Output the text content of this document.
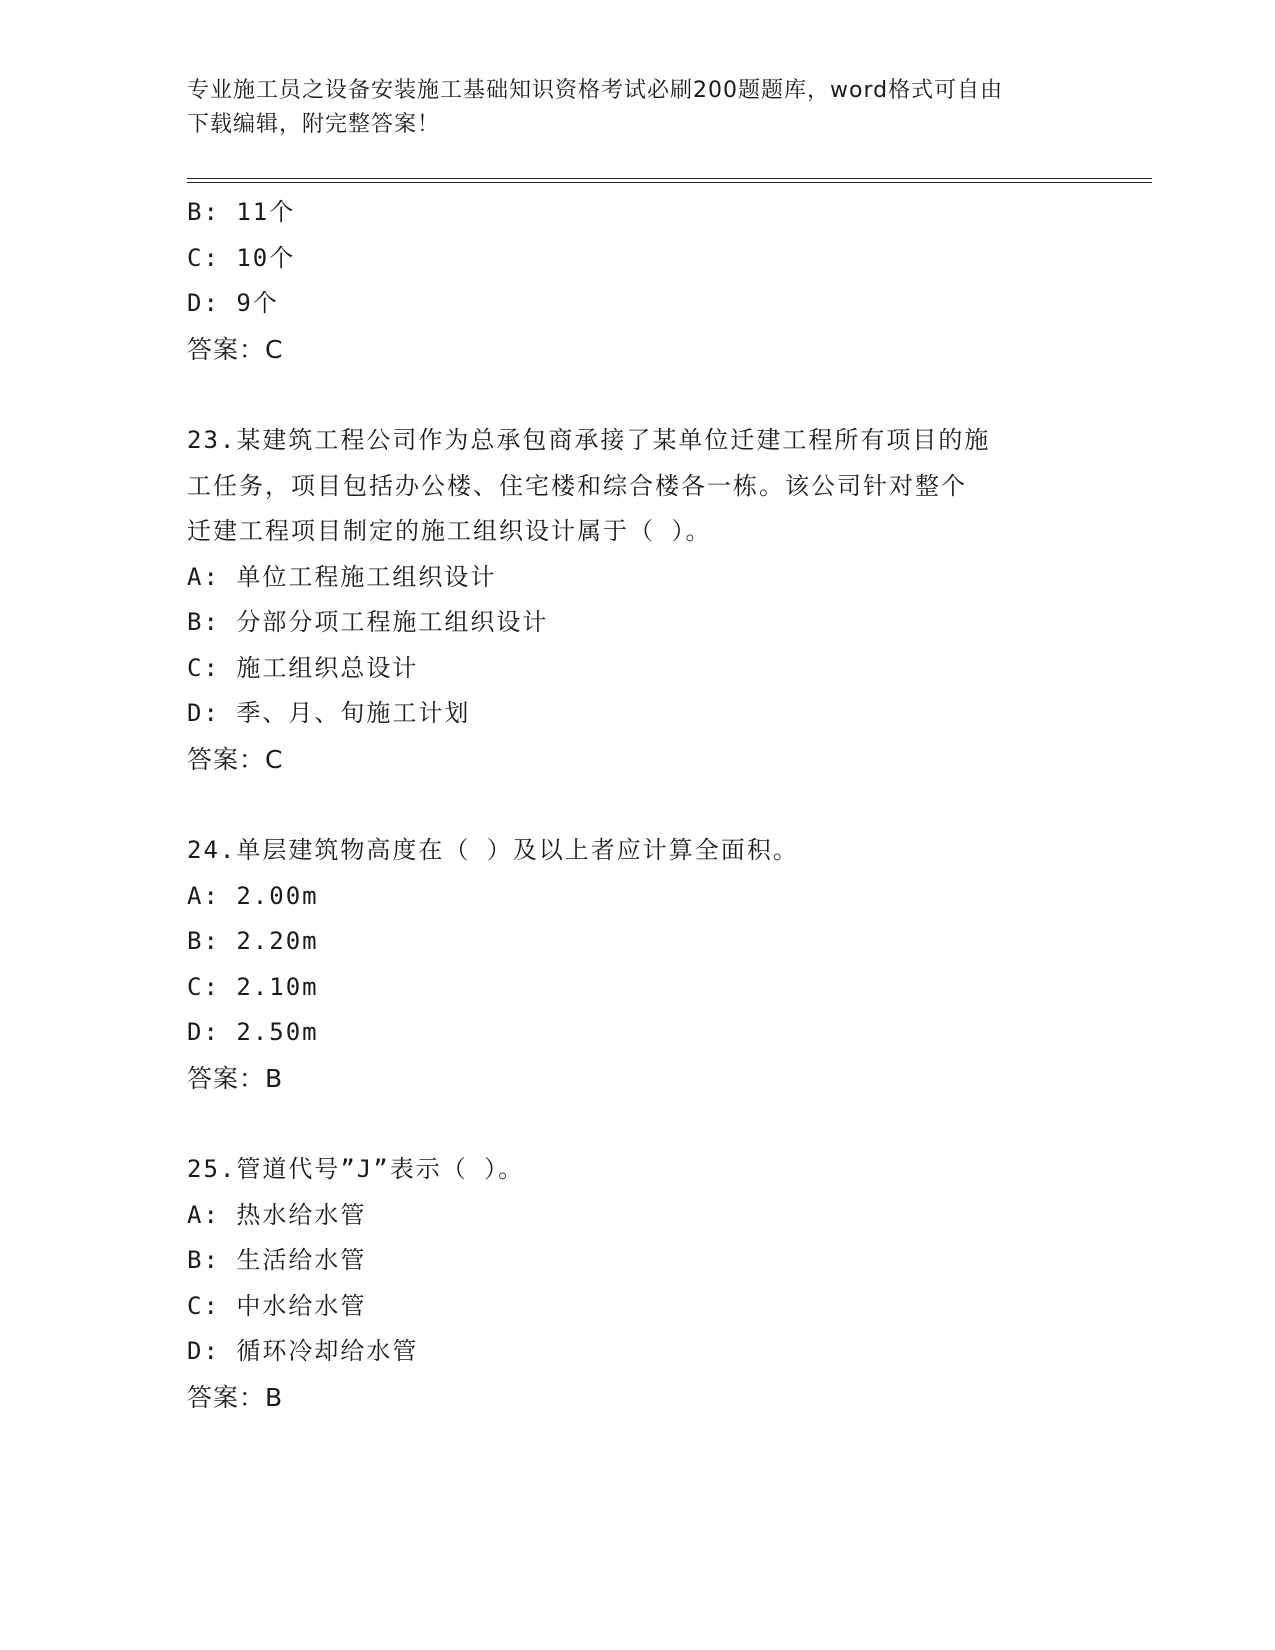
专业施工员之设备安装施工基础知识资格考试必刷200题题库，word格式可自由
下载编辑，附完整答案！
B: 11个
C: 10个
D: 9个
答案：C
23.某建筑工程公司作为总承包商承接了某单位迁建工程所有项目的施
工任务，项目包括办公楼、住宅楼和综合楼各一栋。该公司针对整个
迁建工程项目制定的施工组织设计属于（ ）。
A: 单位工程施工组织设计
B: 分部分项工程施工组织设计
C: 施工组织总设计
D: 季、月、旬施工计划
答案：C
24.单层建筑物高度在（ ）及以上者应计算全面积。
A: 2.00m
B: 2.20m
C: 2.10m
D: 2.50m
答案：B
25.管道代号”J”表示（ ）。
A: 热水给水管
B: 生活给水管
C: 中水给水管
D: 循环冷却给水管
答案：B
